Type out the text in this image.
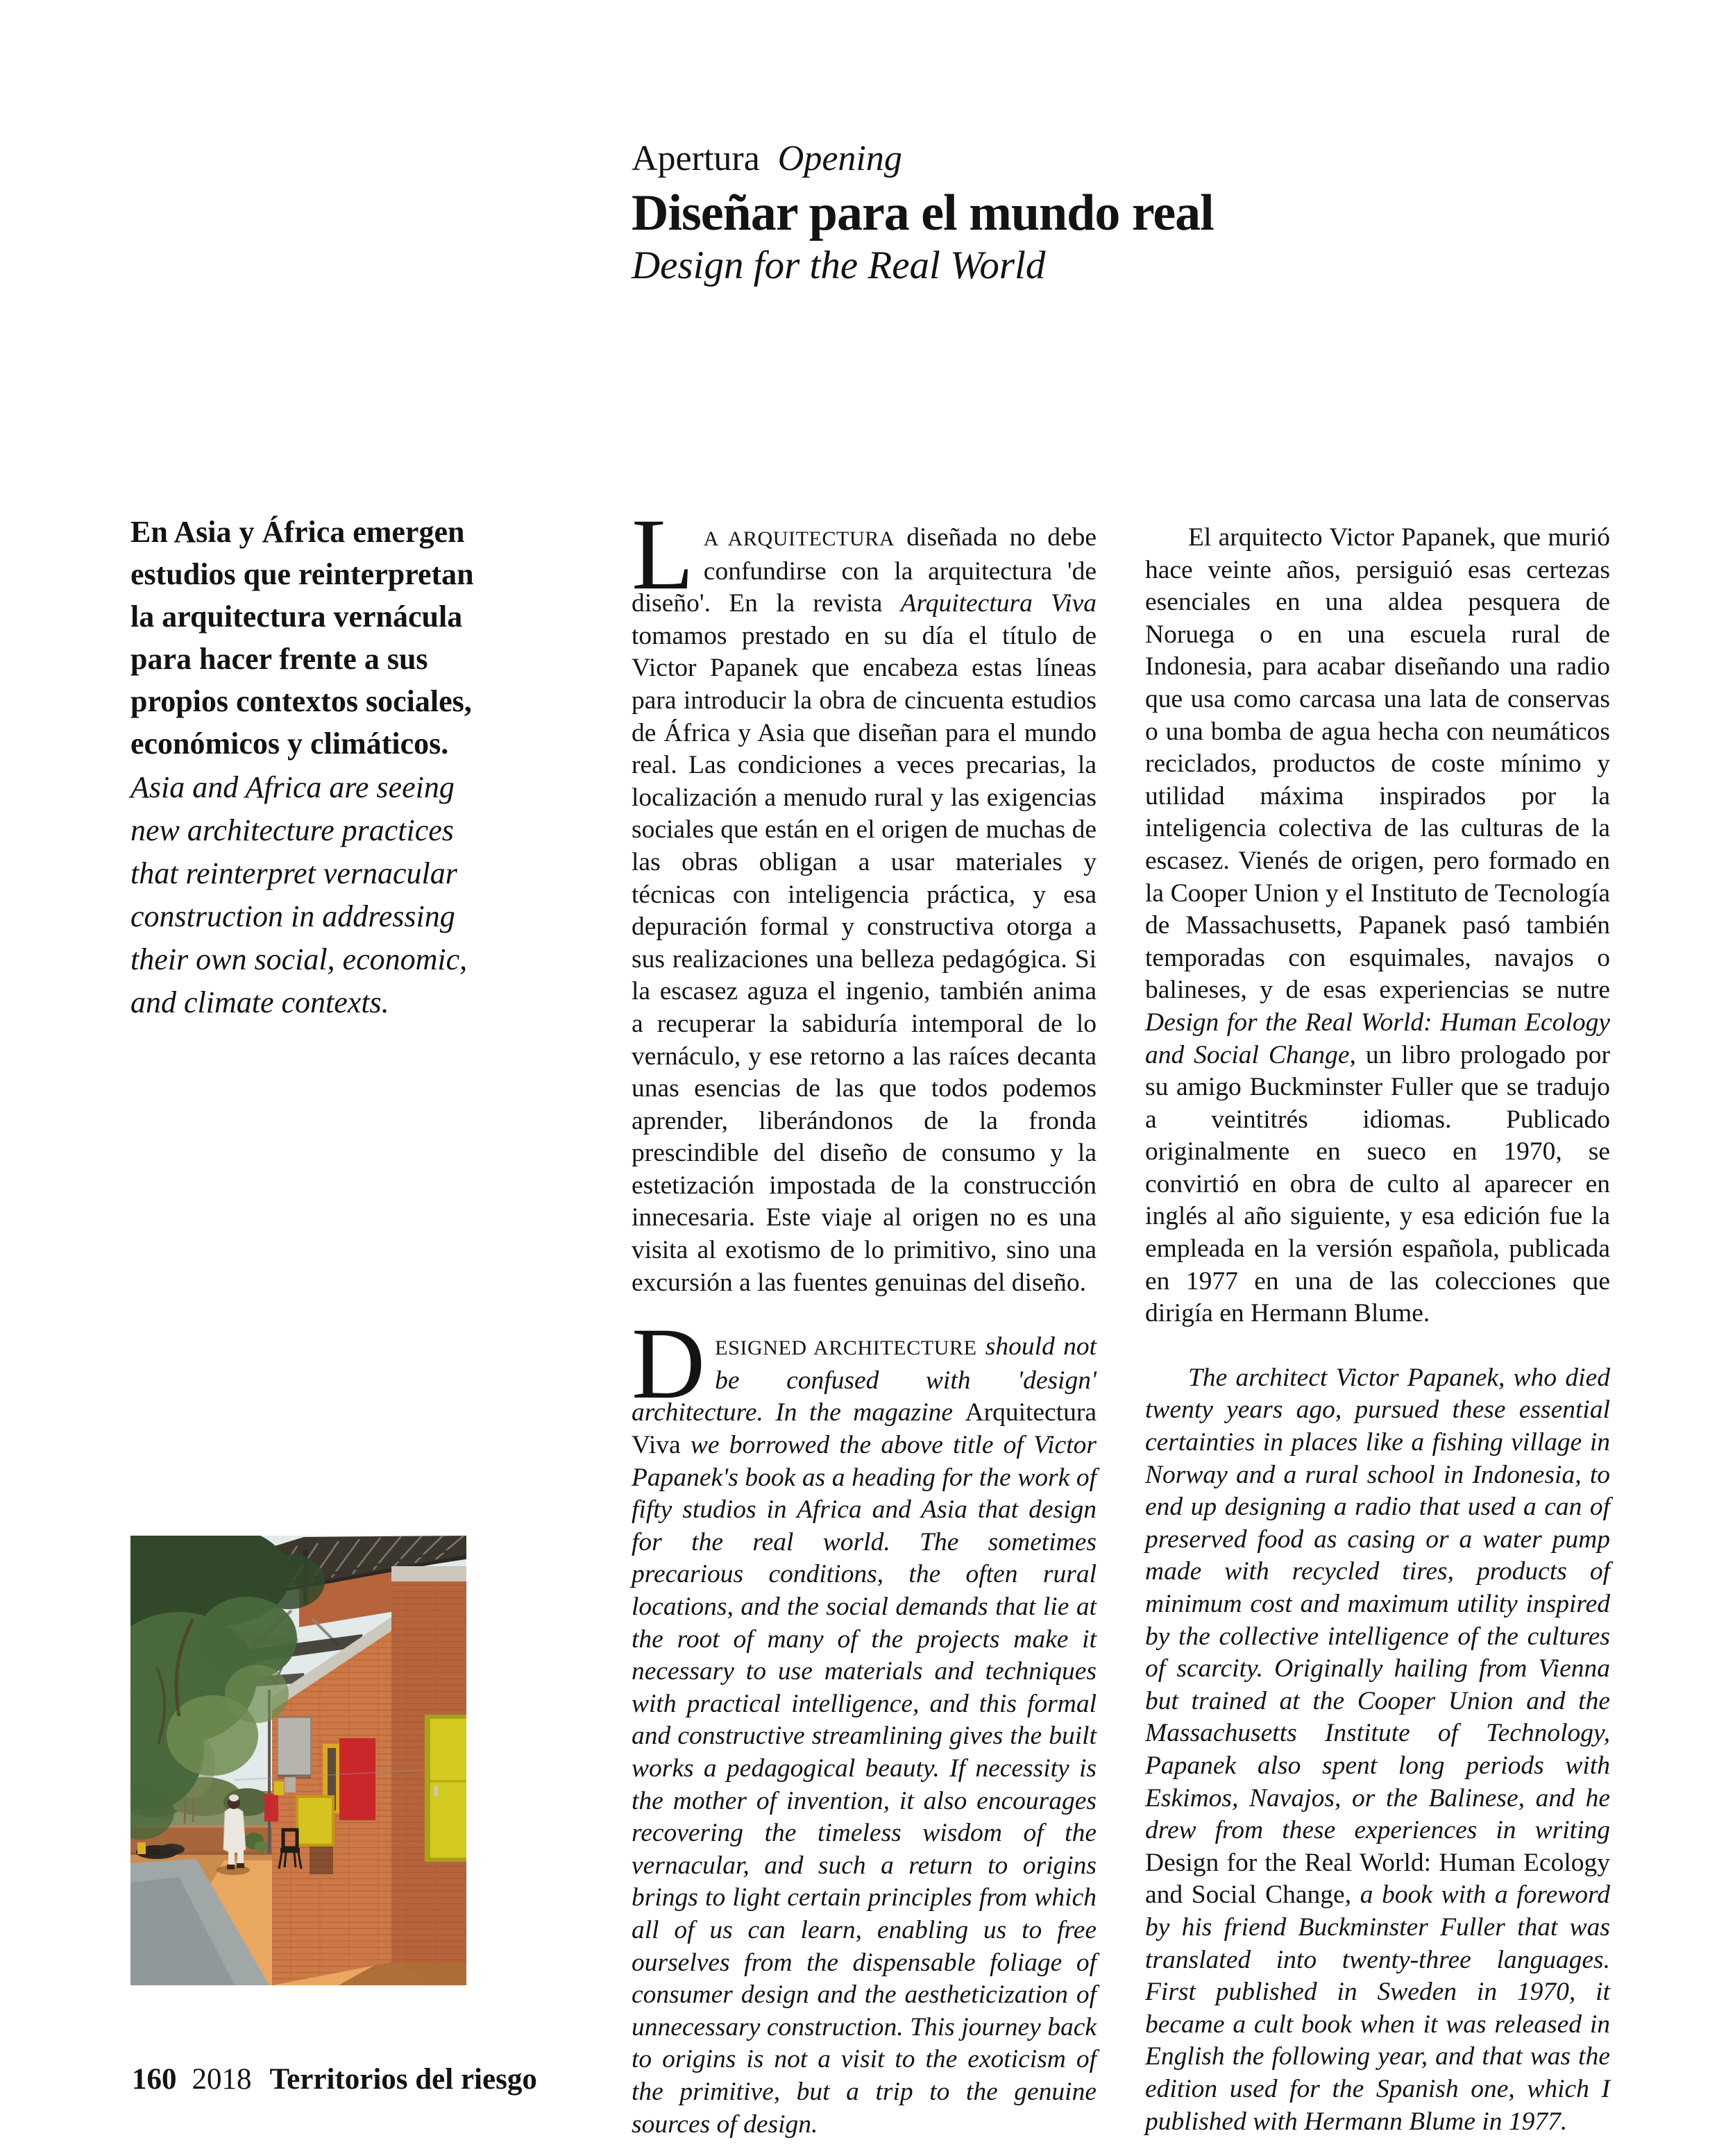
Apertura Opening

Diseñar para el mundo real
Design for the Real World

En Asia y África emergen estudios que reinterpretan la arquitectura vernácula para hacer frente a sus propios contextos sociales, económicos y climáticos.

Asia and Africa are seeing new architecture practices that reinterpret vernacular construction in addressing their own social, economic, and climate contexts.

L A ARQUITECTURA diseñada no debe confundirse con la arquitectura 'de diseño'. En la revista Arquitectura Viva tomamos prestado en su día el título de Victor Papanek que encabeza estas líneas para introducir la obra de cincuenta estudios de África y Asia que diseñan para el mundo real. Las condiciones a veces precarias, la localización a menudo rural y las exigencias sociales que están en el origen de muchas de las obras obligan a usar materiales y técnicas con inteligencia práctica, y esa depuración formal y constructiva otorga a sus realizaciones una belleza pedagógica. Si la escasez aguza el ingenio, también anima a recuperar la sabiduría intemporal de lo vernáculo, y ese retorno a las raíces decanta unas esencias de las que todos podemos aprender, liberándonos de la fronda prescindible del diseño de consumo y la estetización impostada de la construcción innecesaria. Este viaje al origen no es una visita al exotismo de lo primitivo, sino una excursión a las fuentes genuinas del diseño.

DESIGNED ARCHITECTURE should not be confused with 'design' architecture. In the magazine Arquitectura Viva we borrowed the above title of Victor Papanek's book as a heading for the work of fifty studios in Africa and Asia that design for the real world. The sometimes precarious conditions, the often rural locations, and the social demands that lie at the root of many of the projects make it necessary to use materials and techniques with practical intelligence, and this formal and constructive streamlining gives the built works a pedagogical beauty. If necessity is the mother of invention, it also encourages recovering the timeless wisdom of the vernacular, and such a return to origins brings to light certain principles from which all of us can learn, enabling us to free ourselves from the dispensable foliage of consumer design and the aestheticization of unnecessary construction. This journey back to origins is not a visit to the exoticism of the primitive, but a trip to the genuine sources of design.

El arquitecto Victor Papanek, que murió hace veinte años, persiguió esas certezas esenciales en una aldea pesquera de Noruega o en una escuela rural de Indonesia, para acabar diseñando una radio que usa como carcasa una lata de conservas o una bomba de agua hecha con neumáticos reciclados, productos de coste mínimo y utilidad máxima inspirados por la inteligencia colectiva de las culturas de la escasez. Vienés de origen, pero formado en la Cooper Union y el Instituto de Tecnología de Massachusetts, Papanek pasó también temporadas con esquimales, navajos o balineses, y de esas experiencias se nutre Design for the Real World: Human Ecology and Social Change, un libro prologado por su amigo Buckminster Fuller que se tradujo a veintitrés idiomas. Publicado originalmente en sueco en 1970, se convirtió en obra de culto al aparecer en inglés al año siguiente, y esa edición fue la empleada en la versión española, publicada en 1977 en una de las colecciones que dirigía en Hermann Blume.

The architect Victor Papanek, who died twenty years ago, pursued these essential certainties in places like a fishing village in Norway and a rural school in Indonesia, to end up designing a radio that used a can of preserved food as casing or a water pump made with recycled tires, products of minimum cost and maximum utility inspired by the collective intelligence of the cultures of scarcity. Originally hailing from Vienna but trained at the Cooper Union and the Massachusetts Institute of Technology, Papanek also spent long periods with Eskimos, Navajos, or the Balinese, and he drew from these experiences in writing Design for the Real World: Human Ecology and Social Change, a book with a foreword by his friend Buckminster Fuller that was translated into twenty-three languages. First published in Sweden in 1970, it became a cult book when it was released in English the following year, and that was the edition used for the Spanish one, which I published with Hermann Blume in 1977.

160 2018 Territorios del riesgo
